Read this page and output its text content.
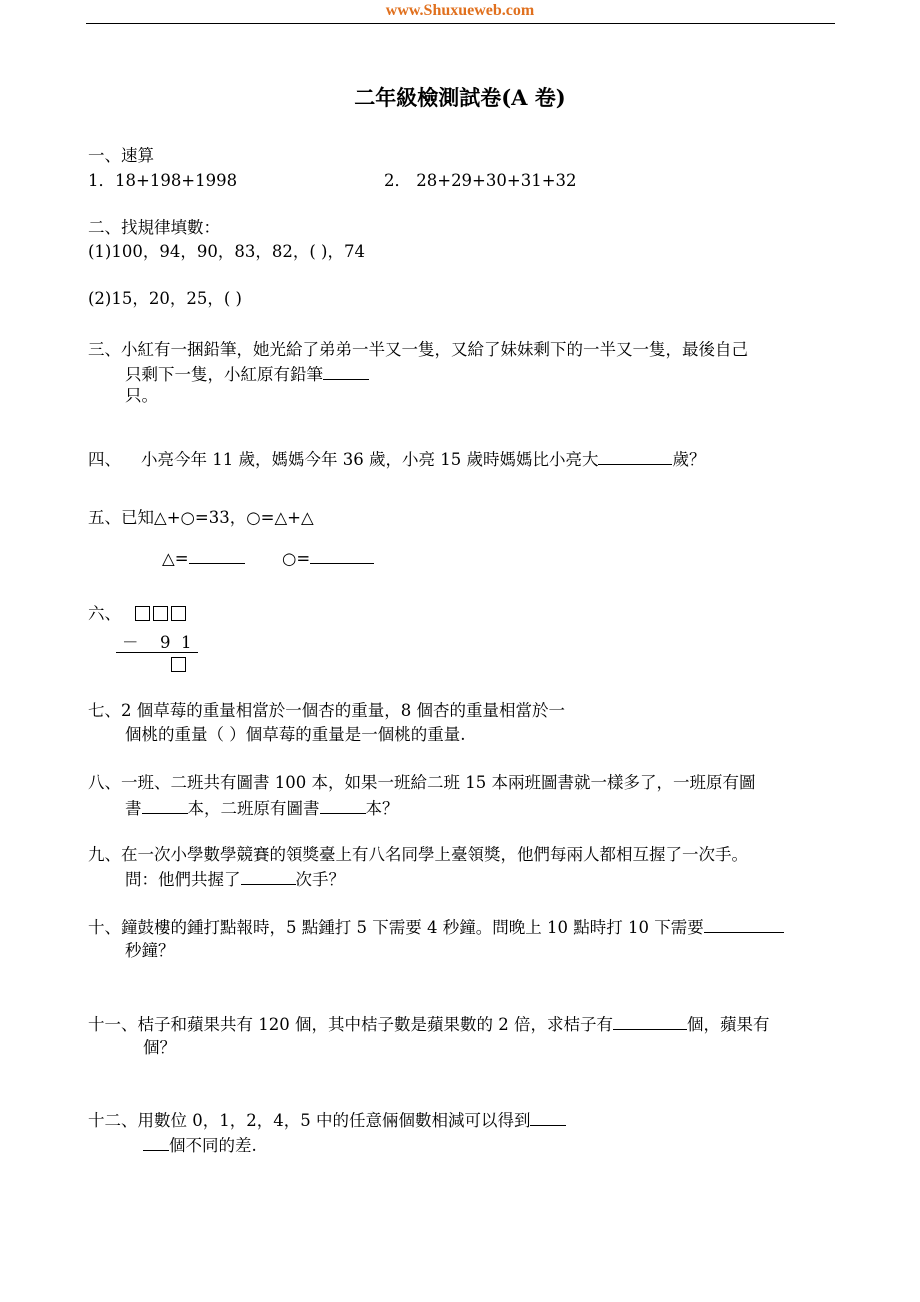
www.Shuxueweb.com
二年級檢測試卷(A 卷)
一、速算
1．18+198+1998	2． 28+29+30+31+32
二、找規律填數：
(1)100，94，90，83，82，( )，74
(2)15，20，25，( )
三、小紅有一捆鉛筆，她光給了弟弟一半又一隻，又給了妹妹剩下的一半又一隻，最後自己
只剩下一隻，小紅原有鉛筆
只。
四、 小亮今年 11 歲，媽媽今年 36 歲，小亮 15 歲時媽媽比小亮大	歲？
五、已知△+○=33，○=△+△
△=	○=
六、
－ 9 1
七、2 個草莓的重量相當於一個杏的重量，8 個杏的重量相當於一
個桃的重量（ ）個草莓的重量是一個桃的重量.
八、一班、二班共有圖書 100 本，如果一班給二班 15 本兩班圖書就一樣多了，一班原有圖
書	本，二班原有圖書	本？
九、在一次小學數學競賽的領獎臺上有八名同學上臺領獎，他們每兩人都相互握了一次手。
問：他們共握了	次手？
十、鐘鼓樓的鍾打點報時，5 點鍾打 5 下需要 4 秒鐘。問晚上 10 點時打 10 下需要
秒鐘？
十一、桔子和蘋果共有 120 個，其中桔子數是蘋果數的 2 倍，求桔子有	個，蘋果有
個？
十二、用數位 0，1，2，4，5 中的任意倆個數相減可以得到
個不同的差.
